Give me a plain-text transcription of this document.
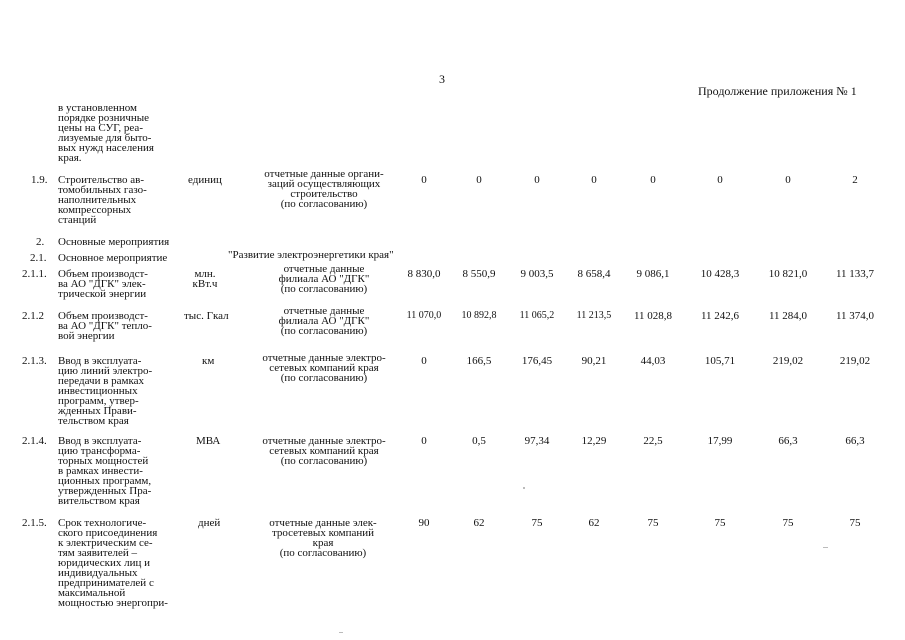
3
Продолжение приложения № 1
в установленном
порядке розничные
цены на СУГ, реа-
лизуемые для быто-
вых нужд населения
края.
1.9. Строительство ав-
томобильных газо-
наполнительных
компрессорных
станций
единиц	отчетные данные органи-
заций осуществляющих
строительство
(по согласованию)
0	0	0	0	0	0	0	2
2. Основные мероприятия
2.1. Основное мероприятие	"Развитие электроэнергетики края"
2.1.1. Объем производст-
ва АО "ДГК" элек-
трической энергии
млн.
кВт.ч
отчетные данные
филиала АО "ДГК"
(по согласованию)
8 830,0	8 550,9	9 003,5	8 658,4	9 086,1	10 428,3	10 821,0	11 133,7
2.1.2 Объем производст-
ва АО "ДГК" тепло-
вой энергии
тыс. Гкал	отчетные данные
филиала АО "ДГК"
(по согласованию)
11 070,0	10 892,8	11 065,2	11 213,5	11 028,8	11 242,6	11 284,0	11 374,0
2.1.3. Ввод в эксплуата-
цию линий электро-
передачи в рамках
инвестиционных
программ, утвер-
жденных Прави-
тельством края
км	отчетные данные электро-
сетевых компаний края
(по согласованию)
0	166,5	176,45	90,21	44,03	105,71	219,02	219,02
2.1.4. Ввод в эксплуата-
цию трансформа-
торных мощностей
в рамках инвести-
ционных программ,
утвержденных Пра-
вительством края
МВА	отчетные данные электро-
сетевых компаний края
(по согласованию)
0	0,5	97,34	12,29	22,5	17,99	66,3	66,3
2.1.5. Срок технологиче-
ского присоединения
к электрическим се-
тям заявителей –
юридических лиц и
индивидуальных
предпринимателей с
максимальной
мощностью энергопри-
дней	отчетные данные элек-
тросетевых компаний
края
(по согласованию)
90	62	75	62	75	75	75	75
